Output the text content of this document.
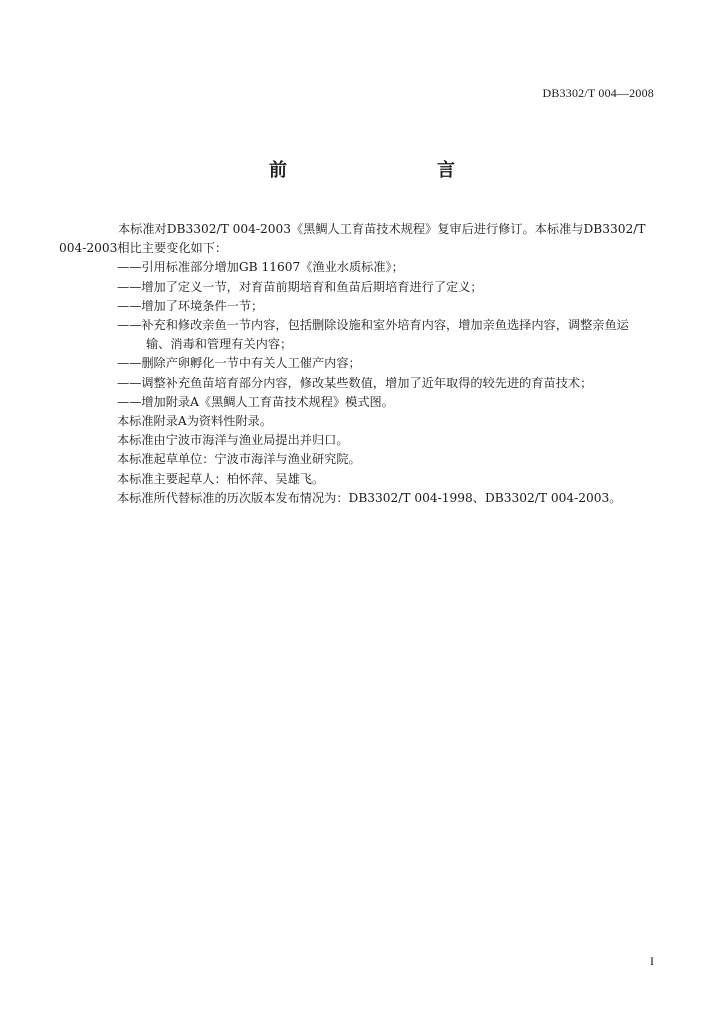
DB3302/T 004—2008
前　　言

本标准对DB3302/T 004-2003《黑鲷人工育苗技术规程》复审后进行修订。本标准与DB3302/T

004-2003相比主要变化如下：

——引用标准部分增加GB 11607《渔业水质标准》；

——增加了定义一节，对育苗前期培育和鱼苗后期培育进行了定义；

——增加了环境条件一节；

——补充和修改亲鱼一节内容，包括删除设施和室外培育内容，增加亲鱼选择内容，调整亲鱼运

输、消毒和管理有关内容；

——删除产卵孵化一节中有关人工催产内容；

——调整补充鱼苗培育部分内容，修改某些数值，增加了近年取得的较先进的育苗技术；

——增加附录A《黑鲷人工育苗技术规程》模式图。

本标准附录A为资料性附录。

本标准由宁波市海洋与渔业局提出并归口。

本标准起草单位：宁波市海洋与渔业研究院。

本标准主要起草人：柏怀萍、吴雄飞。

本标准所代替标准的历次版本发布情况为：DB3302/T 004-1998、DB3302/T 004-2003。

I
